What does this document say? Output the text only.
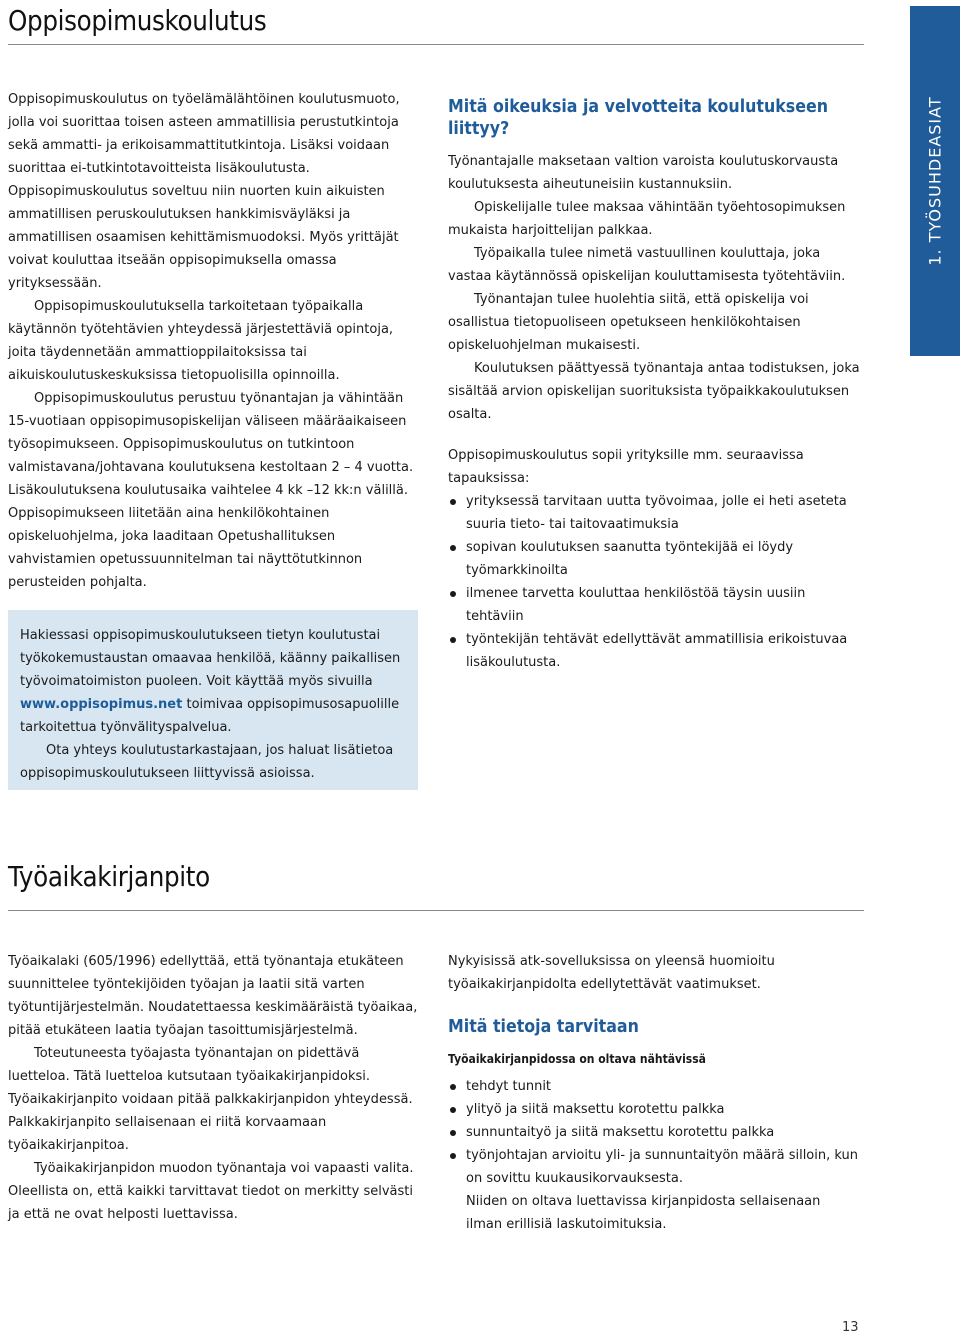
Oppisopimuskoulutus

Oppisopimuskoulutus on työelämälähtöinen koulutusmuoto, jolla voi suorittaa toisen asteen ammatillisia perustutkintoja sekä ammatti- ja erikoisammattitutkintoja. Lisäksi voidaan suorittaa ei-tutkintotavoitteista lisäkoulutusta. Oppisopimuskoulutus soveltuu niin nuorten kuin aikuisten ammatillisen peruskoulutuksen hankkimisväyläksi ja ammatillisen osaamisen kehittämismuodoksi. Myös yrittäjät voivat kouluttaa itseään oppisopimuksella omassa yrityksessään.

Oppisopimuskoulutuksella tarkoitetaan työpaikalla käytännön työtehtävien yhteydessä järjestettäviä opintoja, joita täydennetään ammattioppilaitoksissa tai aikuiskoulutuskeskuksissa tietopuolisilla opinnoilla.

Oppisopimuskoulutus perustuu työnantajan ja vähintään 15-vuotiaan oppisopimusopiskelijan väliseen määräaikaiseen työsopimukseen. Oppisopimuskoulutus on tutkintoon valmistavana/johtavana koulutuksena kestoltaan 2 – 4 vuotta. Lisäkoulutuksena koulutusaika vaihtelee 4 kk –12 kk:n välillä. Oppisopimukseen liitetään aina henkilökohtainen opiskeluohjelma, joka laaditaan Opetushallituksen vahvistamien opetussuunnitelman tai näyttötutkinnon perusteiden pohjalta.

Hakiessasi oppisopimuskoulutukseen tietyn koulutustai työkokemustaustan omaavaa henkilöä, käänny paikallisen työvoimatoimiston puoleen. Voit käyttää myös sivuilla www.oppisopimus.net toimivaa oppisopimusosapuolille tarkoitettua työnvälityspalvelua.

Ota yhteys koulutustarkastajaan, jos haluat lisätietoa oppisopimuskoulutukseen liittyvissä asioissa.

Mitä oikeuksia ja velvotteita koulutukseen liittyy?

Työnantajalle maksetaan valtion varoista koulutuskorvausta koulutuksesta aiheutuneisiin kustannuksiin.

Opiskelijalle tulee maksaa vähintään työehtosopimuksen mukaista harjoittelijan palkkaa.

Työpaikalla tulee nimetä vastuullinen kouluttaja, joka vastaa käytännössä opiskelijan kouluttamisesta työtehtäviin.

Työnantajan tulee huolehtia siitä, että opiskelija voi osallistua tietopuoliseen opetukseen henkilökohtaisen opiskeluohjelman mukaisesti.

Koulutuksen päättyessä työnantaja antaa todistuksen, joka sisältää arvion opiskelijan suorituksista työpaikkakoulutuksen osalta.

Oppisopimuskoulutus sopii yrityksille mm. seuraavissa tapauksissa:

yrityksessä tarvitaan uutta työvoimaa, jolle ei heti aseteta suuria tieto- tai taitovaatimuksia
sopivan koulutuksen saanutta työntekijää ei löydy työmarkkinoilta
ilmenee tarvetta kouluttaa henkilöstöä täysin uusiin tehtäviin
työntekijän tehtävät edellyttävät ammatillisia erikoistuvaa lisäkoulutusta.
1. TYÖSUHDEASIAT
Työaikakirjanpito

Työaikalaki (605/1996) edellyttää, että työnantaja etukäteen suunnittelee työntekijöiden työajan ja laatii sitä varten työtuntijärjestelmän. Noudatettaessa keskimääräistä työaikaa, pitää etukäteen laatia työajan tasoittumisjärjestelmä.

Toteutuneesta työajasta työnantajan on pidettävä luetteloa. Tätä luetteloa kutsutaan työaikakirjanpidoksi. Työaikakirjanpito voidaan pitää palkkakirjanpidon yhteydessä. Palkkakirjanpito sellaisenaan ei riitä korvaamaan työaikakirjanpitoa.

Työaikakirjanpidon muodon työnantaja voi vapaasti valita. Oleellista on, että kaikki tarvittavat tiedot on merkitty selvästi ja että ne ovat helposti luettavissa.

Nykyisissä atk-sovelluksissa on yleensä huomioitu työaikakirjanpidolta edellytettävät vaatimukset.

Mitä tietoja tarvitaan
Työaikakirjanpidossa on oltava nähtävissä
tehdyt tunnit
ylityö ja siitä maksettu korotettu palkka
sunnuntaityö ja siitä maksettu korotettu palkka
työnjohtajan arvioitu yli- ja sunnuntaityön määrä silloin, kun on sovittu kuukausikorvauksesta.

Niiden on oltava luettavissa kirjanpidosta sellaisenaan ilman erillisiä laskutoimituksia.

13
